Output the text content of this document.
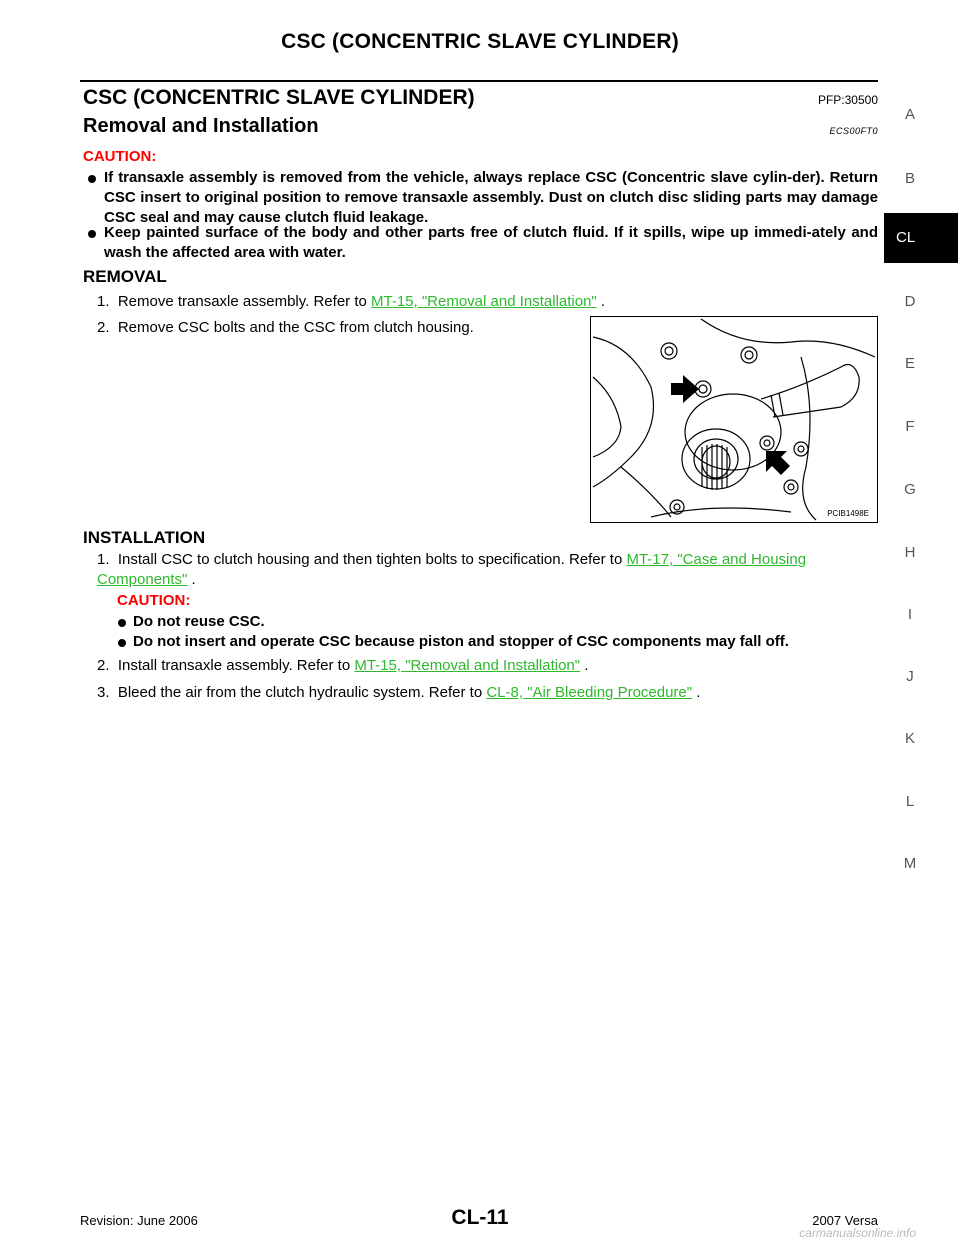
CSC (CONCENTRIC SLAVE CYLINDER)
CSC (CONCENTRIC SLAVE CYLINDER)	PFP:30500
Removal and Installation	ECS00FT0
CAUTION:
If transaxle assembly is removed from the vehicle, always replace CSC (Concentric slave cylin-der). Return CSC insert to original position to remove transaxle assembly. Dust on clutch disc sliding parts may damage CSC seal and may cause clutch fluid leakage.
Keep painted surface of the body and other parts free of clutch fluid. If it spills, wipe up immedi-ately and wash the affected area with water.
REMOVAL
1.  Remove transaxle assembly. Refer to MT-15, "Removal and Installation" .
2.  Remove CSC bolts and the CSC from clutch housing.
PCIB1498E
INSTALLATION
1.  Install CSC to clutch housing and then tighten bolts to specification. Refer to MT-17, "Case and Housing Components" .
CAUTION:
Do not reuse CSC.
Do not insert and operate CSC because piston and stopper of CSC components may fall off.
2.  Install transaxle assembly. Refer to MT-15, "Removal and Installation" .
3.  Bleed the air from the clutch hydraulic system. Refer to CL-8, "Air Bleeding Procedure" .
A
B
CL
D
E
F
G
H
I
J
K
L
M
Revision: June 2006	CL-11	2007 Versa
carmanualsonline.info
